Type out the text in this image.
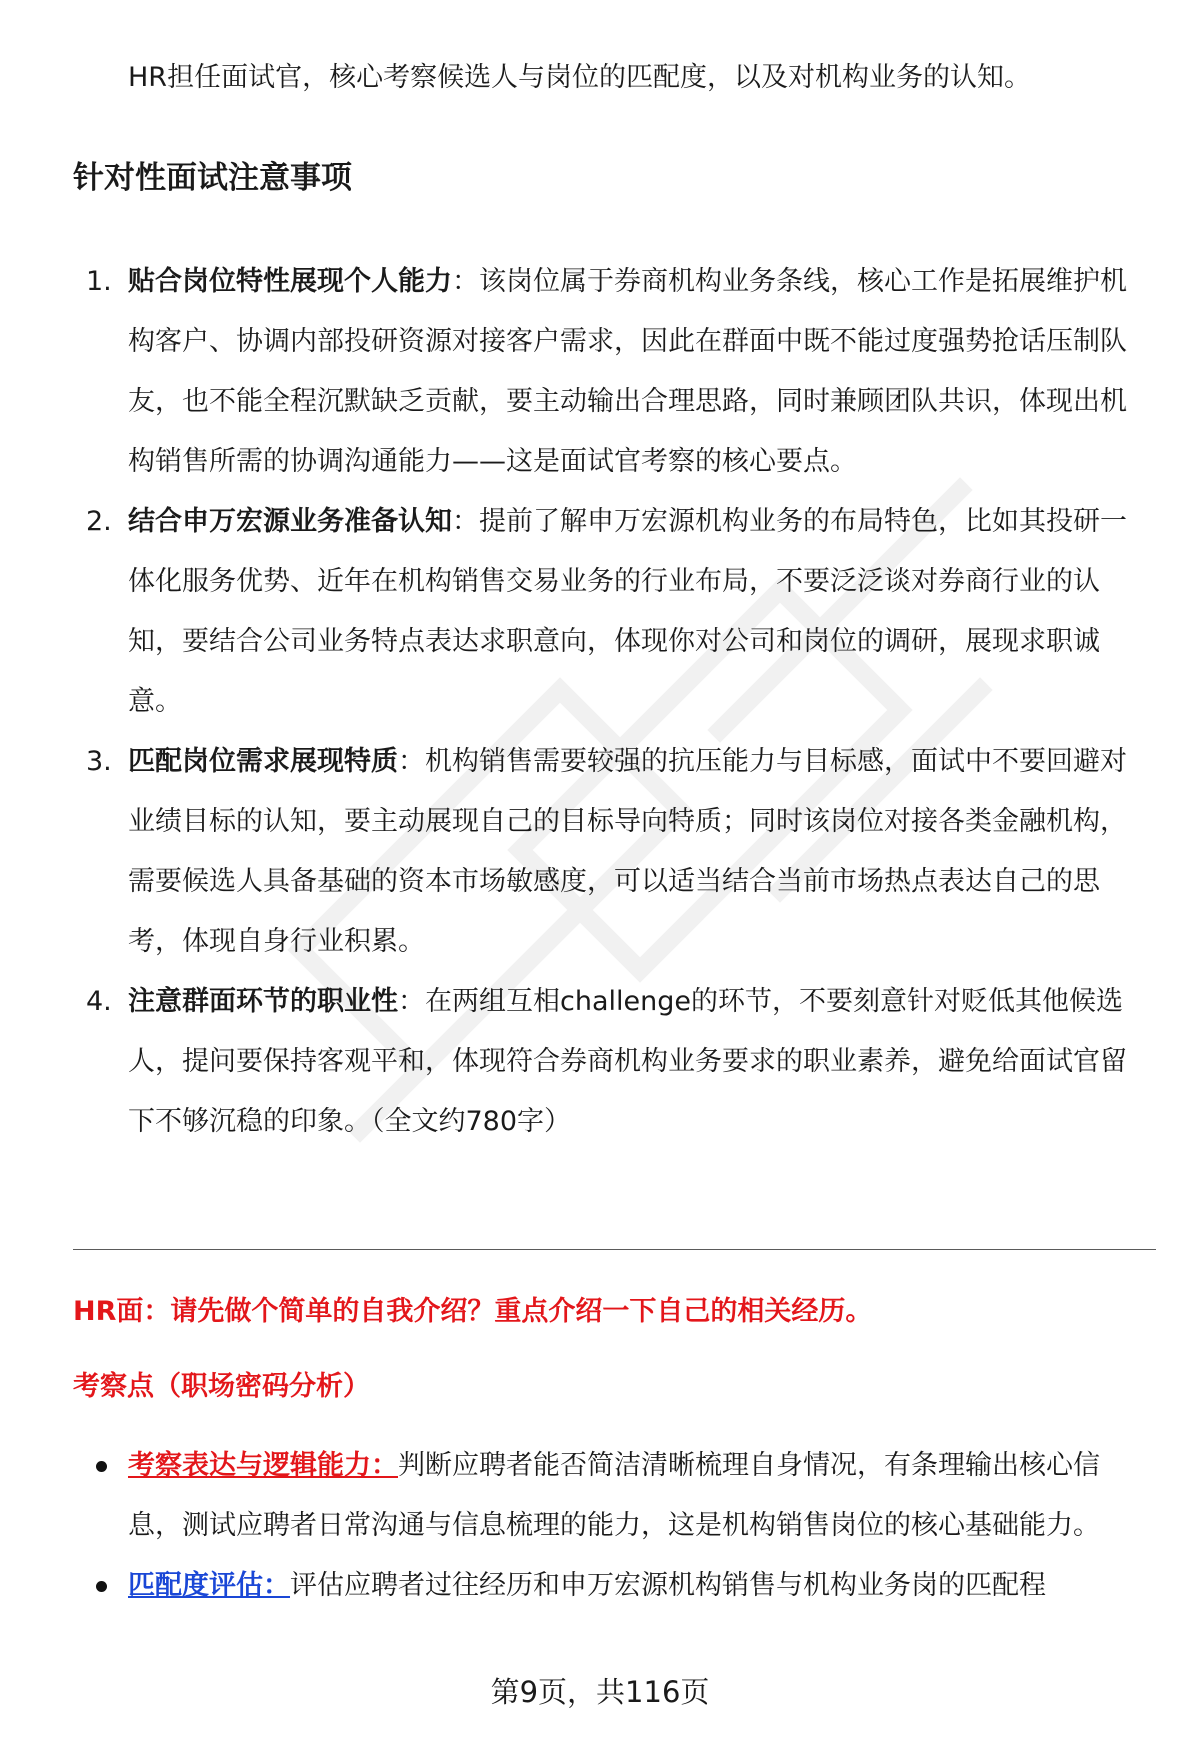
HR担任面试官，核心考察候选人与岗位的匹配度，以及对机构业务的认知。
针对性面试注意事项
1. 贴合岗位特性展现个人能力：该岗位属于券商机构业务条线，核心工作是拓展维护机构客户、协调内部投研资源对接客户需求，因此在群面中既不能过度强势抢话压制队友，也不能全程沉默缺乏贡献，要主动输出合理思路，同时兼顾团队共识，体现出机构销售所需的协调沟通能力——这是面试官考察的核心要点。
2. 结合申万宏源业务准备认知：提前了解申万宏源机构业务的布局特色，比如其投研一体化服务优势、近年在机构销售交易业务的行业布局，不要泛泛谈对券商行业的认知，要结合公司业务特点表达求职意向，体现你对公司和岗位的调研，展现求职诚意。
3. 匹配岗位需求展现特质：机构销售需要较强的抗压能力与目标感，面试中不要回避对业绩目标的认知，要主动展现自己的目标导向特质；同时该岗位对接各类金融机构，需要候选人具备基础的资本市场敏感度，可以适当结合当前市场热点表达自己的思考，体现自身行业积累。
4. 注意群面环节的职业性：在两组互相challenge的环节，不要刻意针对贬低其他候选人，提问要保持客观平和，体现符合券商机构业务要求的职业素养，避免给面试官留下不够沉稳的印象。（全文约780字）
HR面：请先做个简单的自我介绍？重点介绍一下自己的相关经历。
考察点（职场密码分析）
考察表达与逻辑能力：判断应聘者能否简洁清晰梳理自身情况，有条理输出核心信息，测试应聘者日常沟通与信息梳理的能力，这是机构销售岗位的核心基础能力。
匹配度评估：评估应聘者过往经历和申万宏源机构销售与机构业务岗的匹配程
第9页，共116页
